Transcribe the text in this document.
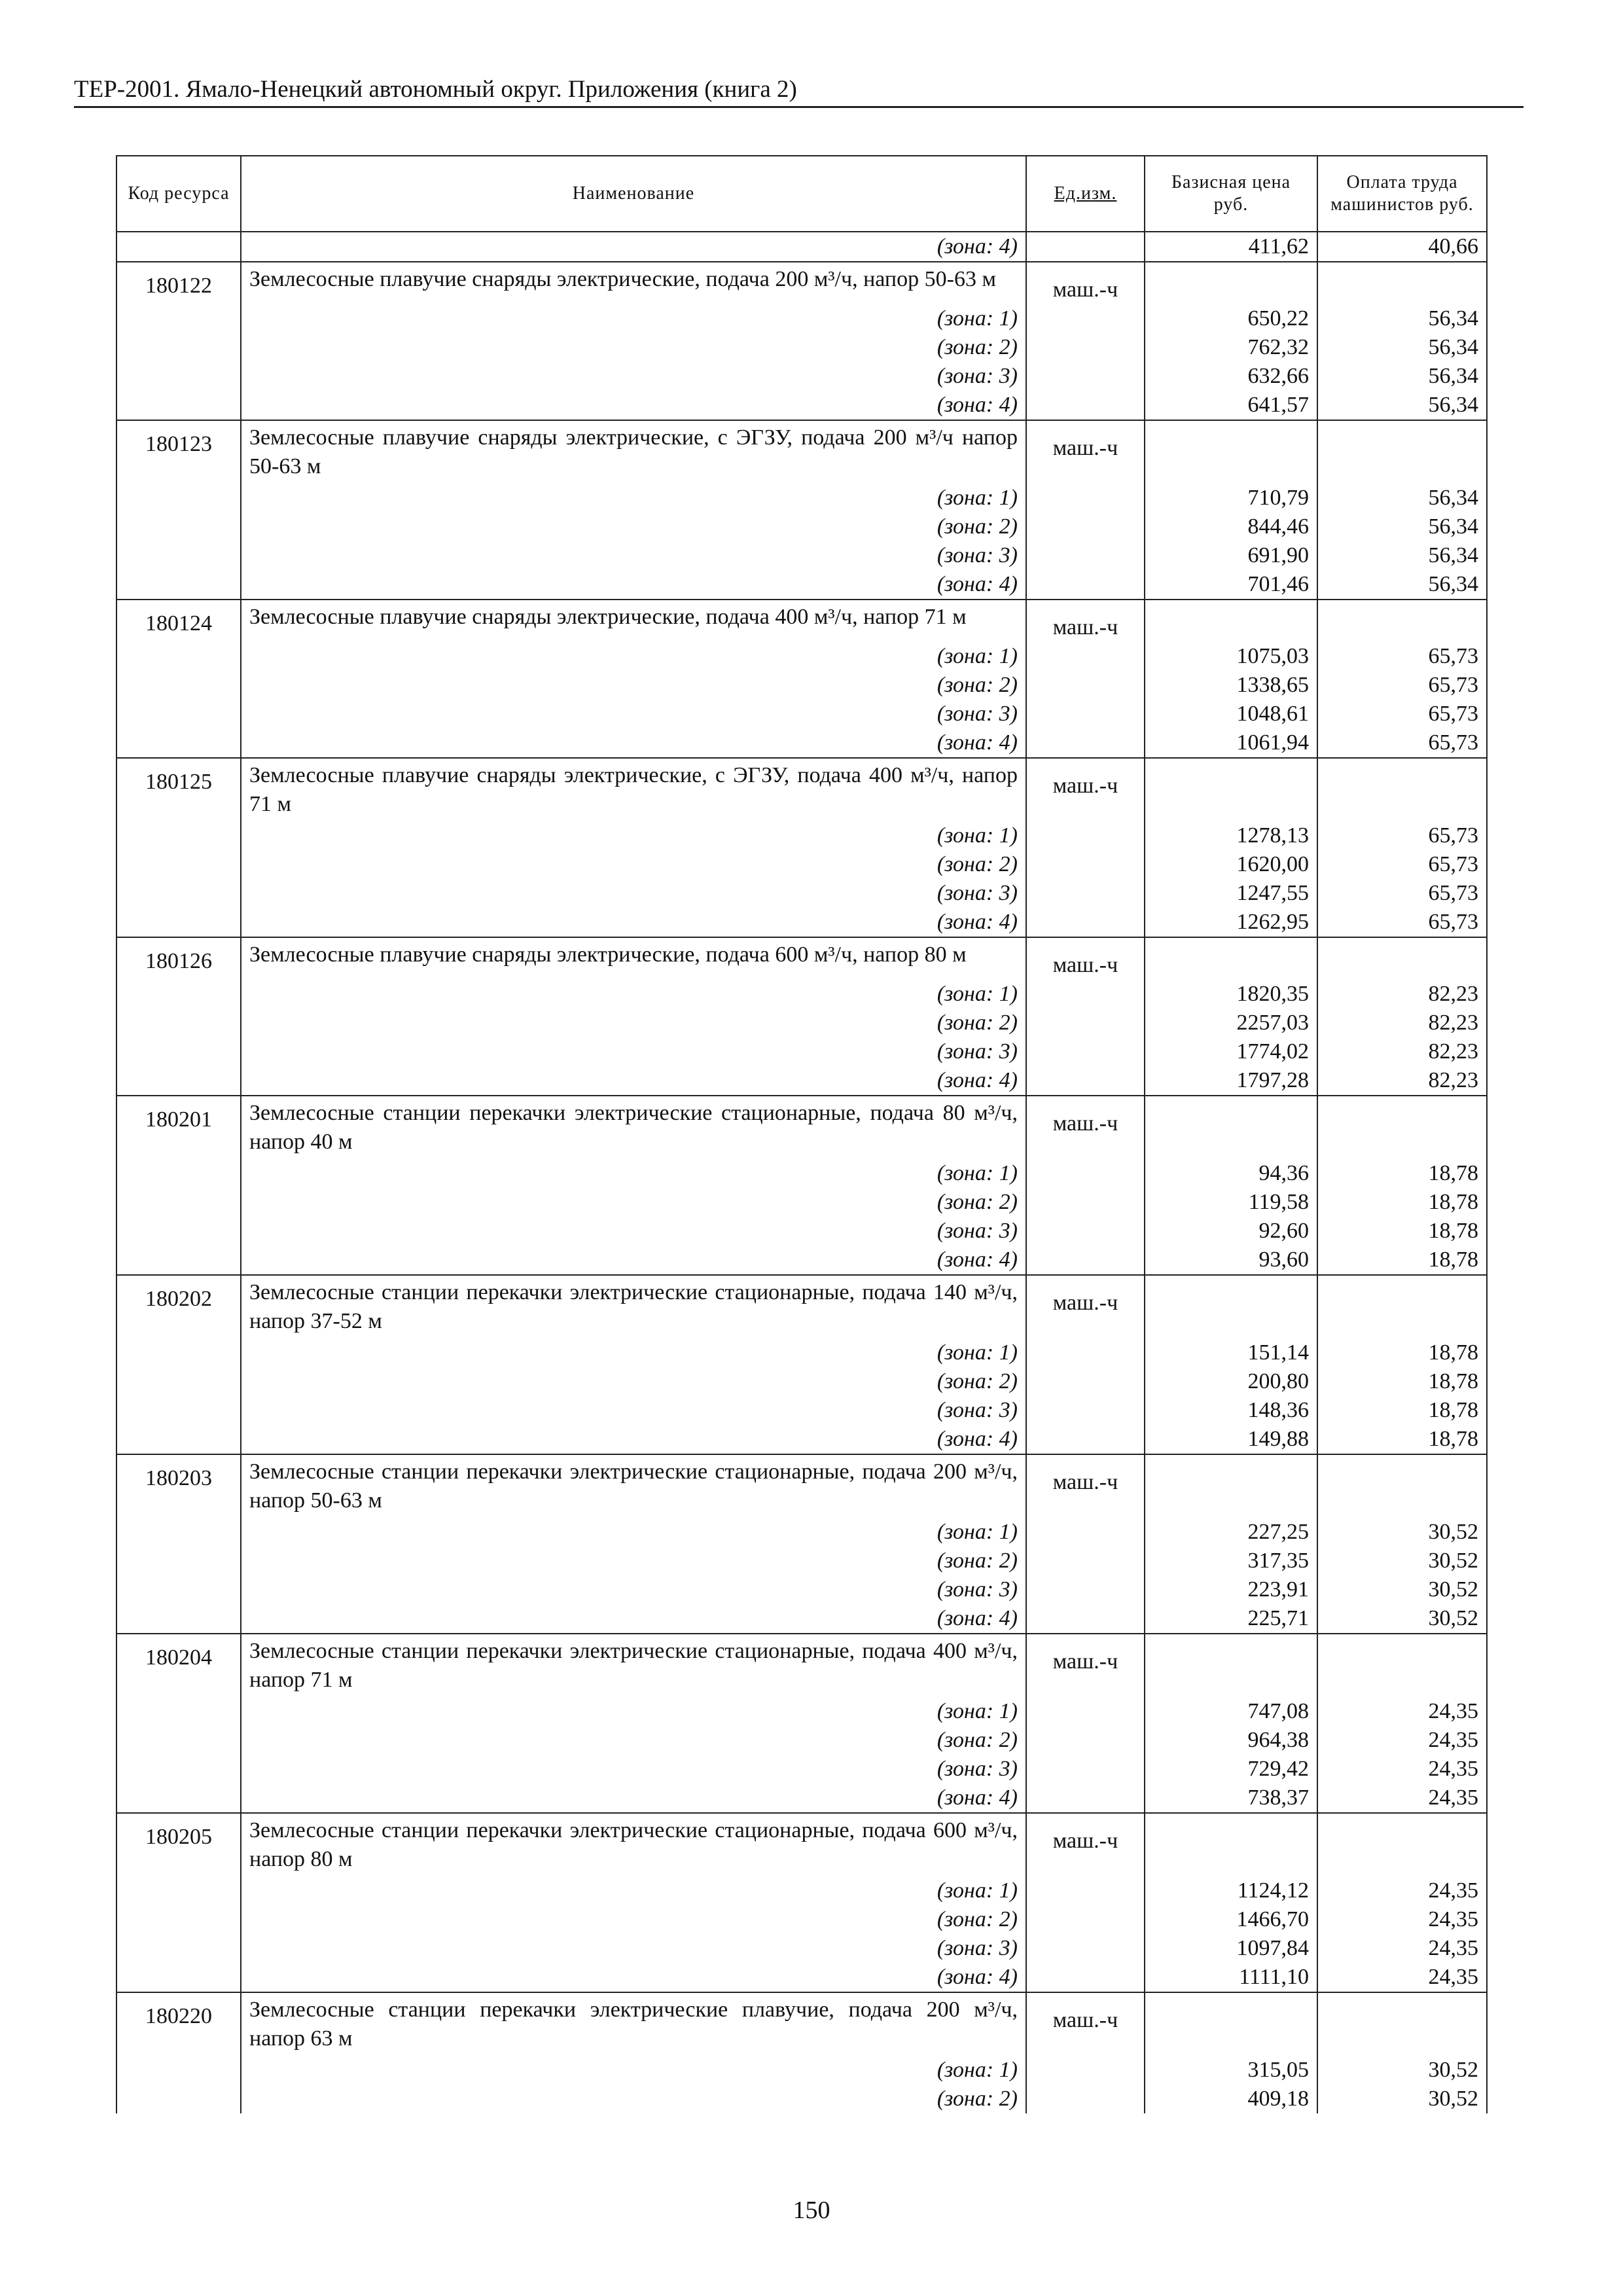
ТЕР-2001. Ямало-Ненецкий автономный округ. Приложения (книга 2)
Код ресурса	Наименование	Ед.изм.	Базисная цена руб.	Оплата труда машинистов руб.
	(зона: 4)		411,62	40,66
180122	Землесосные плавучие снаряды электрические, подача 200 м³/ч, напор 50-63 м	маш.-ч		
	(зона: 1)		650,22	56,34
	(зона: 2)		762,32	56,34
	(зона: 3)		632,66	56,34
	(зона: 4)		641,57	56,34
180123	Землесосные плавучие снаряды электрические, с ЭГЗУ, подача 200 м³/ч напор 50-63 м	маш.-ч		
	(зона: 1)		710,79	56,34
	(зона: 2)		844,46	56,34
	(зона: 3)		691,90	56,34
	(зона: 4)		701,46	56,34
180124	Землесосные плавучие снаряды электрические, подача 400 м³/ч, напор 71 м	маш.-ч		
	(зона: 1)		1075,03	65,73
	(зона: 2)		1338,65	65,73
	(зона: 3)		1048,61	65,73
	(зона: 4)		1061,94	65,73
180125	Землесосные плавучие снаряды электрические, с ЭГЗУ, подача 400 м³/ч, напор 71 м	маш.-ч		
	(зона: 1)		1278,13	65,73
	(зона: 2)		1620,00	65,73
	(зона: 3)		1247,55	65,73
	(зона: 4)		1262,95	65,73
180126	Землесосные плавучие снаряды электрические, подача 600 м³/ч, напор 80 м	маш.-ч		
	(зона: 1)		1820,35	82,23
	(зона: 2)		2257,03	82,23
	(зона: 3)		1774,02	82,23
	(зона: 4)		1797,28	82,23
180201	Землесосные станции перекачки электрические стационарные, подача 80 м³/ч, напор 40 м	маш.-ч		
	(зона: 1)		94,36	18,78
	(зона: 2)		119,58	18,78
	(зона: 3)		92,60	18,78
	(зона: 4)		93,60	18,78
180202	Землесосные станции перекачки электрические стационарные, подача 140 м³/ч, напор 37-52 м	маш.-ч		
	(зона: 1)		151,14	18,78
	(зона: 2)		200,80	18,78
	(зона: 3)		148,36	18,78
	(зона: 4)		149,88	18,78
180203	Землесосные станции перекачки электрические стационарные, подача 200 м³/ч, напор 50-63 м	маш.-ч		
	(зона: 1)		227,25	30,52
	(зона: 2)		317,35	30,52
	(зона: 3)		223,91	30,52
	(зона: 4)		225,71	30,52
180204	Землесосные станции перекачки электрические стационарные, подача 400 м³/ч, напор 71 м	маш.-ч		
	(зона: 1)		747,08	24,35
	(зона: 2)		964,38	24,35
	(зона: 3)		729,42	24,35
	(зона: 4)		738,37	24,35
180205	Землесосные станции перекачки электрические стационарные, подача 600 м³/ч, напор 80 м	маш.-ч		
	(зона: 1)		1124,12	24,35
	(зона: 2)		1466,70	24,35
	(зона: 3)		1097,84	24,35
	(зона: 4)		1111,10	24,35
180220	Землесосные станции перекачки электрические плавучие, подача 200 м³/ч, напор 63 м	маш.-ч		
	(зона: 1)		315,05	30,52
	(зона: 2)		409,18	30,52
150
